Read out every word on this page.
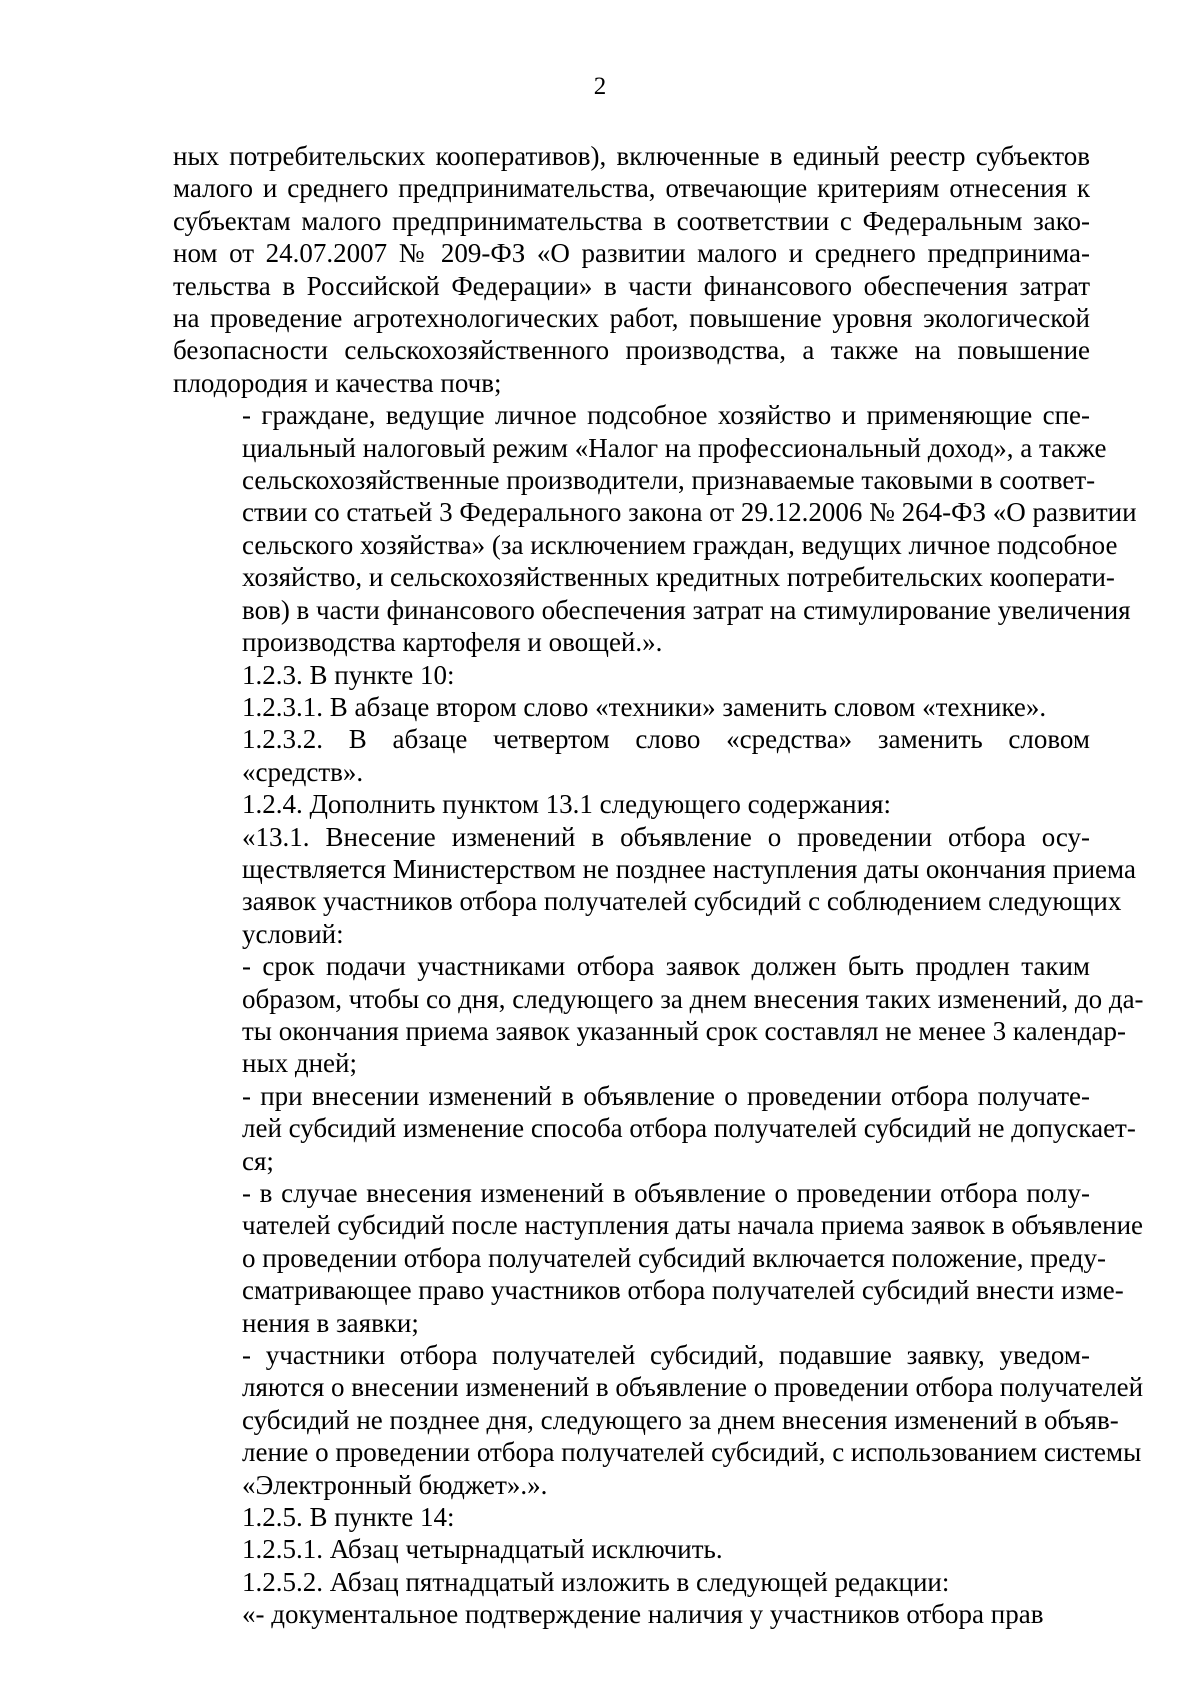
2

ных потребительских кооперативов), включенные в единый реестр субъектов
малого и среднего предпринимательства, отвечающие критериям отнесения к
субъектам малого предпринимательства в соответствии с Федеральным зако-
ном от 24.07.2007 № 209-ФЗ «О развитии малого и среднего предпринима-
тельства в Российской Федерации» в части финансового обеспечения затрат
на проведение агротехнологических работ, повышение уровня экологической
безопасности сельскохозяйственного производства, а также на повышение
плодородия и качества почв;

- граждане, ведущие личное подсобное хозяйство и применяющие спе-
циальный налоговый режим «Налог на профессиональный доход», а также
сельскохозяйственные производители, признаваемые таковыми в соответ-
ствии со статьей 3 Федерального закона от 29.12.2006 № 264-ФЗ «О развитии
сельского хозяйства» (за исключением граждан, ведущих личное подсобное
хозяйство, и сельскохозяйственных кредитных потребительских кооперати-
вов) в части финансового обеспечения затрат на стимулирование увеличения
производства картофеля и овощей.».

1.2.3. В пункте 10:

1.2.3.1. В абзаце втором слово «техники» заменить словом «технике».

1.2.3.2. В абзаце четвертом слово «средства» заменить словом
«средств».

1.2.4. Дополнить пунктом 13.1 следующего содержания:

«13.1. Внесение изменений в объявление о проведении отбора осу-
ществляется Министерством не позднее наступления даты окончания приема
заявок участников отбора получателей субсидий с соблюдением следующих
условий:

- срок подачи участниками отбора заявок должен быть продлен таким
образом, чтобы со дня, следующего за днем внесения таких изменений, до да-
ты окончания приема заявок указанный срок составлял не менее 3 календар-
ных дней;

- при внесении изменений в объявление о проведении отбора получате-
лей субсидий изменение способа отбора получателей субсидий не допускает-
ся;

- в случае внесения изменений в объявление о проведении отбора полу-
чателей субсидий после наступления даты начала приема заявок в объявление
о проведении отбора получателей субсидий включается положение, преду-
сматривающее право участников отбора получателей субсидий внести изме-
нения в заявки;

- участники отбора получателей субсидий, подавшие заявку, уведом-
ляются о внесении изменений в объявление о проведении отбора получателей
субсидий не позднее дня, следующего за днем внесения изменений в объяв-
ление о проведении отбора получателей субсидий, с использованием системы
«Электронный бюджет».».

1.2.5. В пункте 14:

1.2.5.1. Абзац четырнадцатый исключить.

1.2.5.2. Абзац пятнадцатый изложить в следующей редакции:

«- документальное подтверждение наличия у участников отбора прав
